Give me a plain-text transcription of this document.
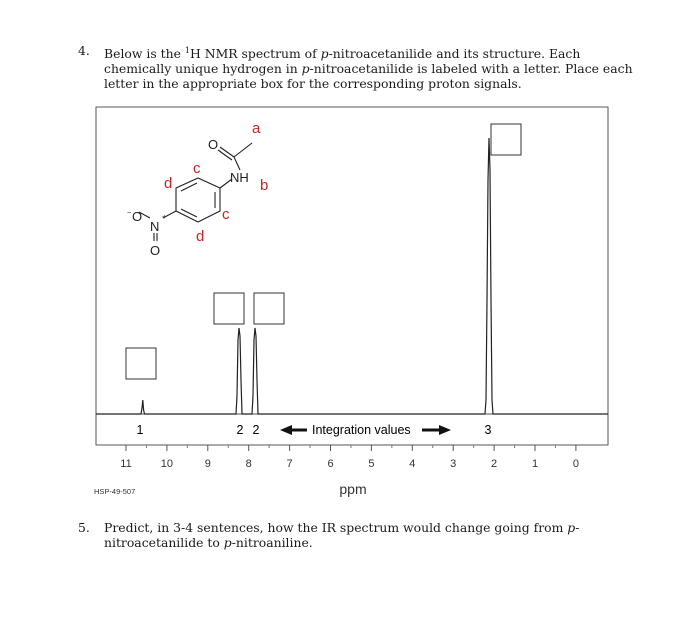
4.	Below is the $^1$H NMR spectrum of p-nitroacetanilide and its structure. Each chemically unique hydrogen in p-nitroacetanilide is labeled with a letter. Place each letter in the appropriate box for the corresponding proton signals.

1	2 2	3
Integration values
11	10	9	8	7	6	5	4	3	2	1	0
ppm
HSP-49-507
O
NH
− O
N
+
O
a
b
c
c
d
d
5.	Predict, in 3-4 sentences, how the IR spectrum would change going from p-nitroacetanilide to p-nitroaniline.
